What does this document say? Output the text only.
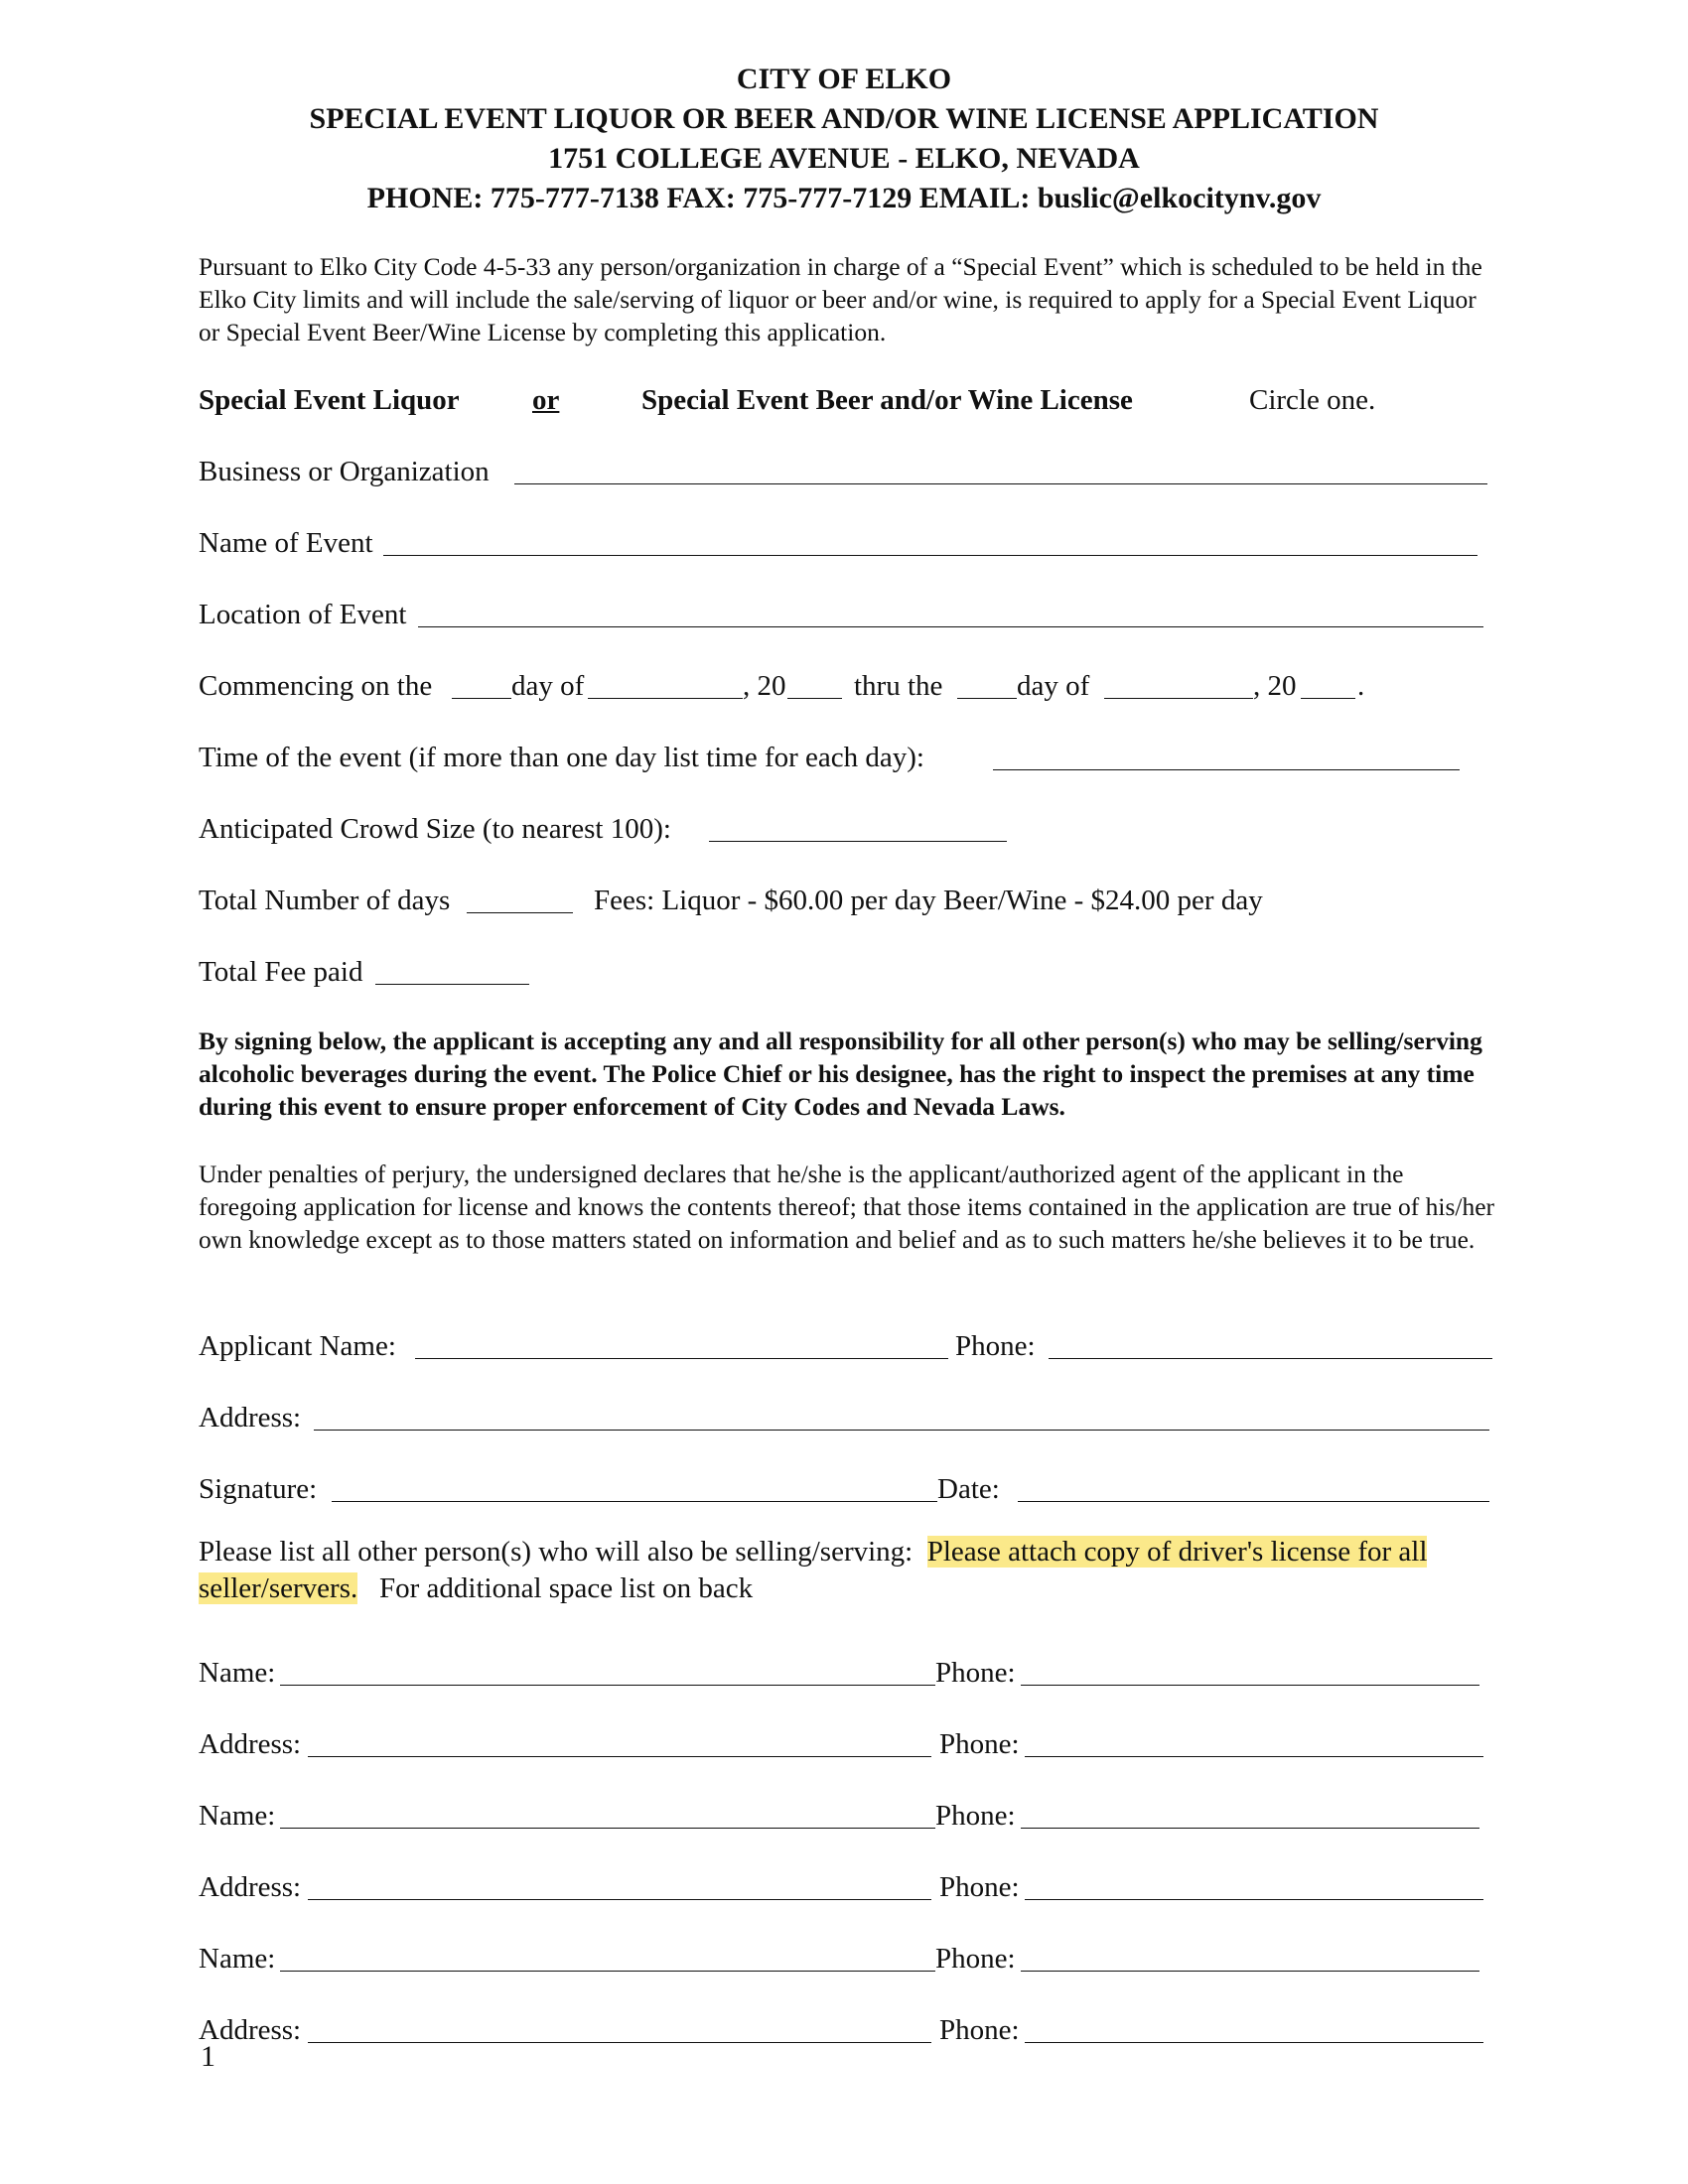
CITY OF ELKO
SPECIAL EVENT LIQUOR OR BEER AND/OR WINE LICENSE APPLICATION
1751 COLLEGE AVENUE - ELKO, NEVADA
PHONE: 775-777-7138 FAX: 775-777-7129 EMAIL: buslic@elkocitynv.gov
Pursuant to Elko City Code 4-5-33 any person/organization in charge of a “Special Event” which is scheduled to be held in the Elko City limits and will include the sale/serving of liquor or beer and/or wine, is required to apply for a Special Event Liquor or Special Event Beer/Wine License by completing this application.
Special Event Liquor	or	Special Event Beer and/or Wine License	Circle one.
Business or Organization
Name of Event
Location of Event
Commencing on the	day of	, 20 thru the	day of	, 20 .
Time of the event (if more than one day list time for each day):
Anticipated Crowd Size (to nearest 100):
Total Number of days	Fees: Liquor - $60.00 per day Beer/Wine - $24.00 per day
Total Fee paid
By signing below, the applicant is accepting any and all responsibility for all other person(s) who may be selling/serving alcoholic beverages during the event. The Police Chief or his designee, has the right to inspect the premises at any time during this event to ensure proper enforcement of City Codes and Nevada Laws.
Under penalties of perjury, the undersigned declares that he/she is the applicant/authorized agent of the applicant in the foregoing application for license and knows the contents thereof; that those items contained in the application are true of his/her own knowledge except as to those matters stated on information and belief and as to such matters he/she believes it to be true.
Applicant Name:	Phone:
Address:
Signature:	Date:
Please list all other person(s) who will also be selling/serving: Please attach copy of driver's license for all seller/servers. For additional space list on back
Name:	Phone:
Address:	Phone:
Name:	Phone:
Address:	Phone:
Name:	Phone:
Address:	Phone:
1
